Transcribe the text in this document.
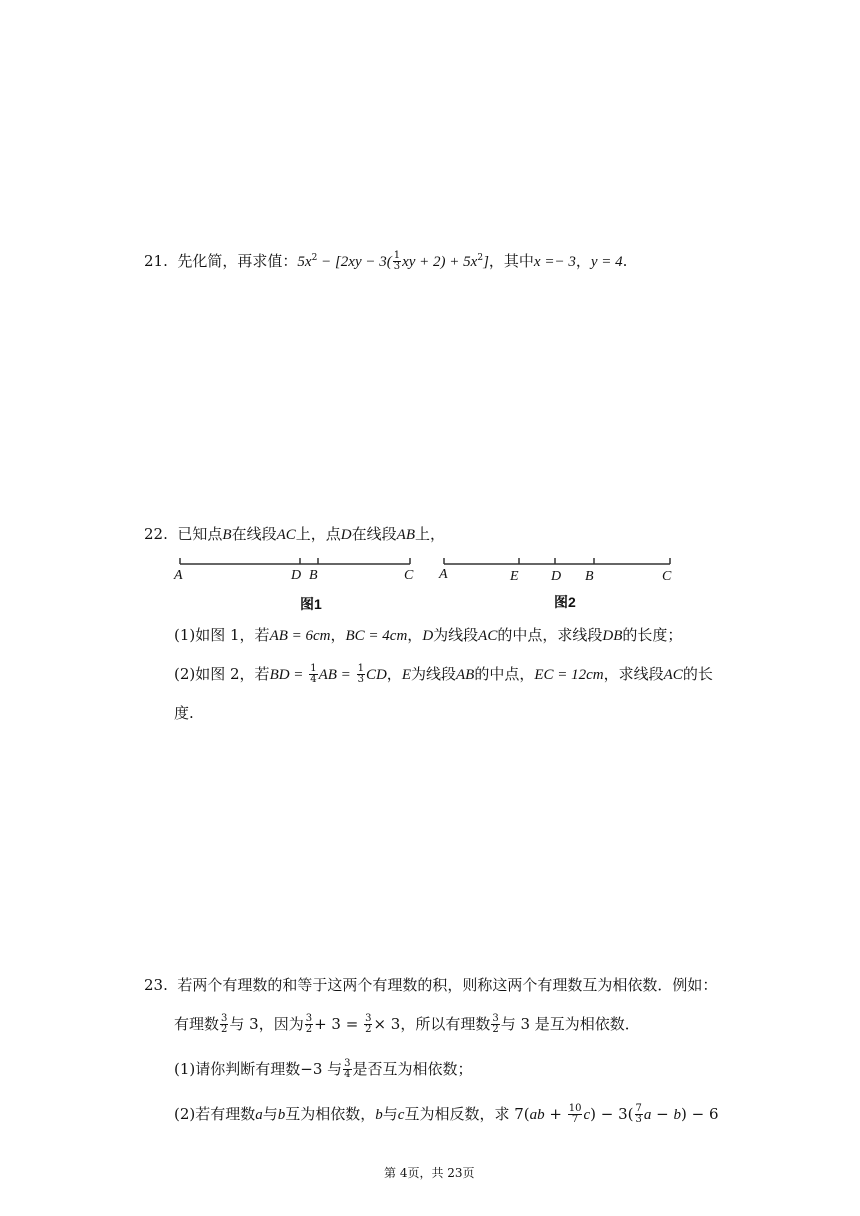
21. 先化简，再求值：$5x^2 - [2xy - 3( \frac{1}{3}$ xy + $2) + 5x^2$]，其中x =− 3，y = 4.
22. 已知点B在线段AC上，点D在线段AB上，
A	D B	C
图1
A	E D B	C
图2
(1)如图 1，若AB = 6cm，BC = 4cm，D为线段AC的中点，求线段DB的长度；
(2)如图 2，若BD = $\frac{1}{4}$ AB = $\frac{1}{3}$ CD，E为线段AB的中点，EC = 12cm，求线段AC的长
度.
23. 若两个有理数的和等于这两个有理数的积，则称这两个有理数互为相依数．例如：
有理数 $\frac{3}{2}$ 与 3，因为 $\frac{3}{2} + 3 = \frac{3}{2} \times 3$，所以有理数 $\frac{3}{2}$ 与 3 是互为相依数．
(1)请你判断有理数−3 与 $\frac{3}{4}$ 是否互为相依数；
(2)若有理数a与b互为相依数，b与c互为相反数，求 $7(ab + \frac{10}{7} c) - 3( \frac{7}{3}$ a − b) − 6
第 4页，共 23页
